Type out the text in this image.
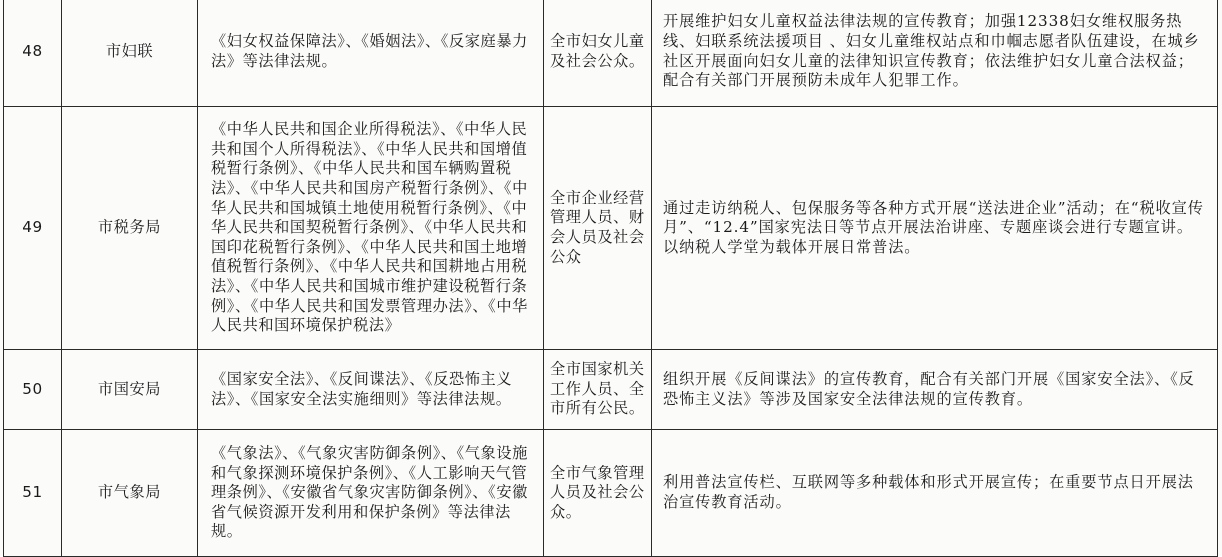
48	市妇联	《妇女权益保障法》、《婚姻法》、《反家庭暴力法》等法律法规。	全市妇女儿童及社会公众。	开展维护妇女儿童权益法律法规的宣传教育；加强12338妇女维权服务热线、妇联系统法援项目 、妇女儿童维权站点和巾帼志愿者队伍建设，在城乡社区开展面向妇女儿童的法律知识宣传教育；依法维护妇女儿童合法权益；配合有关部门开展预防未成年人犯罪工作。

49	市税务局	《中华人民共和国企业所得税法》、《中华人民共和国个人所得税法》、《中华人民共和国增值税暂行条例》、《中华人民共和国车辆购置税法》、《中华人民共和国房产税暂行条例》、《中华人民共和国城镇土地使用税暂行条例》、《中华人民共和国契税暂行条例》、《中华人民共和国印花税暂行条例》、《中华人民共和国土地增值税暂行条例》、《中华人民共和国耕地占用税法》、《中华人民共和国城市维护建设税暂行条例》、《中华人民共和国发票管理办法》、《中华人民共和国环境保护税法》	全市企业经营管理人员、财会人员及社会公众	通过走访纳税人、包保服务等各种方式开展“送法进企业”活动；在“税收宣传月”、“12.4”国家宪法日等节点开展法治讲座、专题座谈会进行专题宣讲。以纳税人学堂为载体开展日常普法。

50	市国安局	《国家安全法》、《反间谍法》、《反恐怖主义法》、《国家安全法实施细则》等法律法规。	全市国家机关工作人员、全市所有公民。	组织开展《反间谍法》的宣传教育，配合有关部门开展《国家安全法》、《反恐怖主义法》等涉及国家安全法律法规的宣传教育。

51	市气象局	《气象法》、《气象灾害防御条例》、《气象设施和气象探测环境保护条例》、《人工影响天气管理条例》、《安徽省气象灾害防御条例》、《安徽省气候资源开发利用和保护条例》等法律法规。	全市气象管理人员及社会公众。	利用普法宣传栏、互联网等多种载体和形式开展宣传；在重要节点日开展法治宣传教育活动。
